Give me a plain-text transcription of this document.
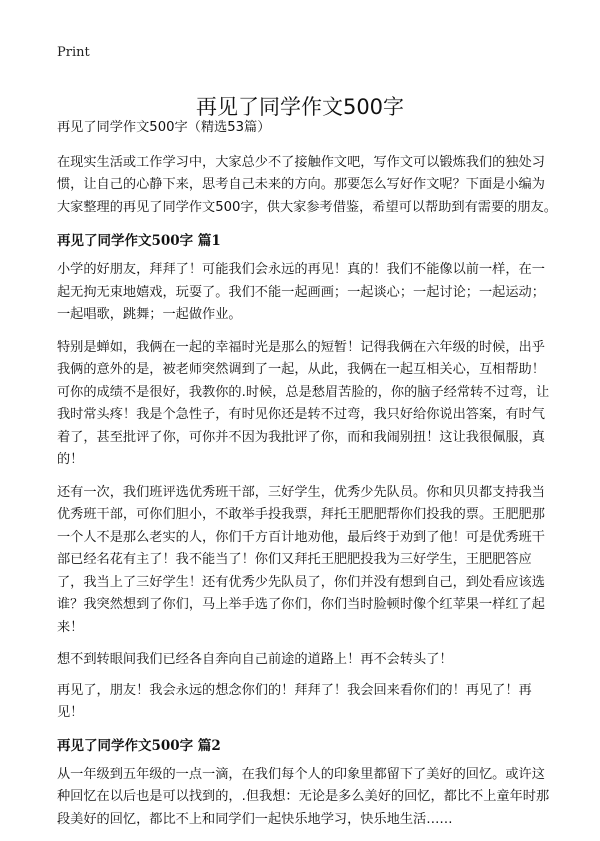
Print
再见了同学作文500字

再见了同学作文500字（精选53篇）

在现实生活或工作学习中，大家总少不了接触作文吧，写作文可以锻炼我们的独处习惯，让自己的心静下来，思考自己未来的方向。那要怎么写好作文呢？下面是小编为大家整理的再见了同学作文500字，供大家参考借鉴，希望可以帮助到有需要的朋友。

再见了同学作文500字 篇1

小学的好朋友，拜拜了！可能我们会永远的再见！真的！我们不能像以前一样，在一起无拘无束地嬉戏，玩耍了。我们不能一起画画；一起谈心；一起讨论；一起运动；一起唱歌，跳舞；一起做作业。

特别是蝉如，我俩在一起的幸福时光是那么的短暂！记得我俩在六年级的时候，出乎我俩的意外的是，被老师突然调到了一起，从此，我俩在一起互相关心，互相帮助！可你的成绩不是很好，我教你的.时候，总是愁眉苦脸的，你的脑子经常转不过弯，让我时常头疼！我是个急性子，有时见你还是转不过弯，我只好给你说出答案，有时气着了，甚至批评了你，可你并不因为我批评了你，而和我闹别扭！这让我很佩服，真的！

还有一次，我们班评选优秀班干部，三好学生，优秀少先队员。你和贝贝都支持我当优秀班干部，可你们胆小，不敢举手投我票，拜托王肥肥帮你们投我的票。王肥肥那一个人不是那么老实的人，你们千方百计地劝他，最后终于劝到了他！可是优秀班干部已经名花有主了！我不能当了！你们又拜托王肥肥投我为三好学生，王肥肥答应了，我当上了三好学生！还有优秀少先队员了，你们并没有想到自己，到处看应该选谁？我突然想到了你们，马上举手选了你们，你们当时脸顿时像个红苹果一样红了起来！

想不到转眼间我们已经各自奔向自己前途的道路上！再不会转头了！

再见了，朋友！我会永远的想念你们的！拜拜了！我会回来看你们的！再见了！再见！

再见了同学作文500字 篇2

从一年级到五年级的一点一滴，在我们每个人的印象里都留下了美好的回忆。或许这种回忆在以后也是可以找到的，.但我想：无论是多么美好的回忆，都比不上童年时那段美好的回忆，都比不上和同学们一起快乐地学习，快乐地生活……
